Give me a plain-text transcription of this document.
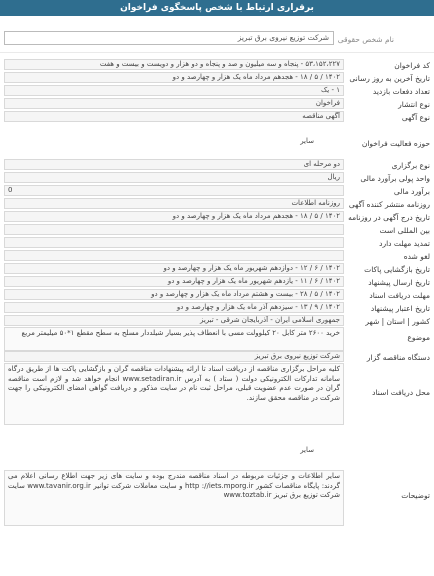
برقراری ارتباط با شخص پاسخگوی فراخوان
نام شخص حقوقی
شرکت توزیع نیروی برق تبریز
کد فراخوان
۵۳،۱۵۲،۲۲۷ - پنجاه و سه میلیون و صد و پنجاه و دو هزار و دویست و بیست و هفت
تاریخ آخرین به روز رسانی
۱۴۰۲ / ۵ / ۱۸ - هجدهم مرداد ماه یک هزار و چهارصد و دو
تعداد دفعات بازدید
۱ - یک
نوع انتشار
فراخوان
نوع آگهی
آگهی مناقصه
حوزه فعالیت فراخوان
سایر
نوع برگزاری
دو مرحله ای
واحد پولی برآورد مالی
ریال
برآورد مالی
0
روزنامه منتشر کننده آگهی
روزنامه اطلاعات
تاریخ درج آگهی در روزنامه
۱۴۰۲ / ۵ / ۱۸ - هجدهم مرداد ماه یک هزار و چهارصد و دو
بین المللی است
تمدید مهلت دارد
لغو شده
تاریخ بازگشایی پاکات
۱۴۰۲ / ۶ / ۱۲ - دوازدهم شهریور ماه یک هزار و چهارصد و دو
تاریخ ارسال پیشنهاد
۱۴۰۲ / ۶ / ۱۱ - یازدهم شهریور ماه یک هزار و چهارصد و دو
مهلت دریافت اسناد
۱۴۰۲ / ۵ / ۲۸ - بیست و هشتم مرداد ماه یک هزار و چهارصد و دو
تاریخ اعتبار پیشنهاد
۱۴۰۲ / ۹ / ۱۳ - سیزدهم آذر ماه یک هزار و چهارصد و دو
کشور | استان | شهر
جمهوری اسلامی ایران - آذربایجان شرقی - تبریز
موضوع
خرید ۲۶۰۰ متر کابل ۲۰ کیلوولت مسی با انعطاف پذیر بسیار شیلددار مسلح به سطح مقطع ۱*۵۰ میلیمتر مربع
دستگاه مناقصه گزار
شرکت توزیع نیروی برق تبریز
محل دریافت اسناد
کلیه مراحل برگزاری مناقصه از دریافت اسناد تا ارائه پیشنهادات مناقصه گران و بازگشایی پاکت ها از طریق درگاه سامانه تدارکات الکترونیکی دولت ( ستاد ) به آدرس www.setadiran.ir انجام خواهد شد و لازم است مناقصه گران در صورت عدم عضویت قبلی، مراحل ثبت نام در سایت مذکور و دریافت گواهی امضای الکترونیکی را جهت شرکت در مناقصه محقق سازند.
سایر
توضیحات
سایر اطلاعات و جزئیات مربوطه در اسناد مناقصه مندرج بوده و سایت های زیر جهت اطلاع رسانی اعلام می گردند: پایگاه مناقصات کشور http ://iets.mporg.ir و سایت معاملات شرکت توانیر www.tavanir.org.ir سایت شرکت توزیع برق تبریز www.toztab.ir
